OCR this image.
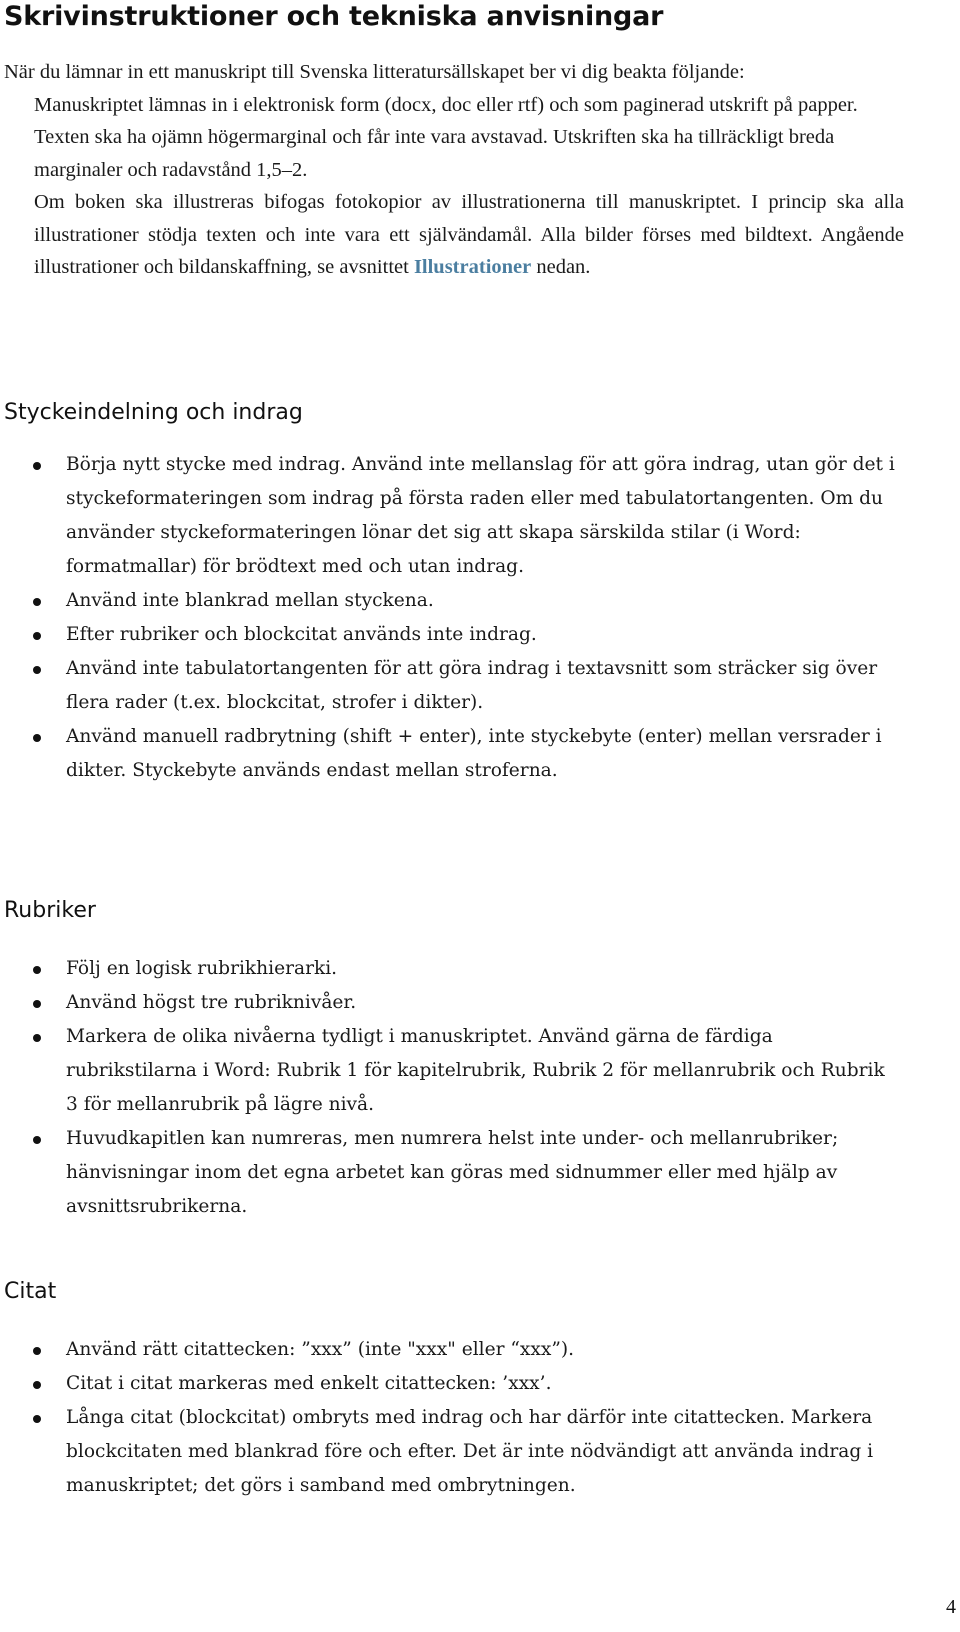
Skrivinstruktioner och tekniska anvisningar

När du lämnar in ett manuskript till Svenska litteratursällskapet ber vi dig beakta följande:

Manuskriptet lämnas in i elektronisk form (docx, doc eller rtf) och som paginerad utskrift på papper. Texten ska ha ojämn högermarginal och får inte vara avstavad. Utskriften ska ha tillräckligt breda marginaler och radavstånd 1,5–2.

Om boken ska illustreras bifogas fotokopior av illustrationerna till manuskriptet. I princip ska alla illustrationer stödja texten och inte vara ett självändamål. Alla bilder förses med bildtext. Angående illustrationer och bildanskaffning, se avsnittet Illustrationer nedan.

Styckeindelning och indrag
Börja nytt stycke med indrag. Använd inte mellanslag för att göra indrag, utan gör det i styckeformateringen som indrag på första raden eller med tabulatortangenten. Om du använder styckeformateringen lönar det sig att skapa särskilda stilar (i Word: formatmallar) för brödtext med och utan indrag.
Använd inte blankrad mellan styckena.
Efter rubriker och blockcitat används inte indrag.
Använd inte tabulatortangenten för att göra indrag i textavsnitt som sträcker sig över flera rader (t.ex. blockcitat, strofer i dikter).
Använd manuell radbrytning (shift + enter), inte styckebyte (enter) mellan versrader i dikter. Styckebyte används endast mellan stroferna.
Rubriker
Följ en logisk rubrikhierarki.
Använd högst tre rubriknivåer.
Markera de olika nivåerna tydligt i manuskriptet. Använd gärna de färdiga rubrikstilarna i Word: Rubrik 1 för kapitelrubrik, Rubrik 2 för mellanrubrik och Rubrik 3 för mellanrubrik på lägre nivå.
Huvudkapitlen kan numreras, men numrera helst inte under- och mellanrubriker; hänvisningar inom det egna arbetet kan göras med sidnummer eller med hjälp av avsnittsrubrikerna.
Citat
Använd rätt citattecken: ”xxx” (inte "xxx" eller “xxx”).
Citat i citat markeras med enkelt citattecken: ’xxx’.
Långa citat (blockcitat) ombryts med indrag och har därför inte citattecken. Markera blockcitaten med blankrad före och efter. Det är inte nödvändigt att använda indrag i manuskriptet; det görs i samband med ombrytningen.
4
